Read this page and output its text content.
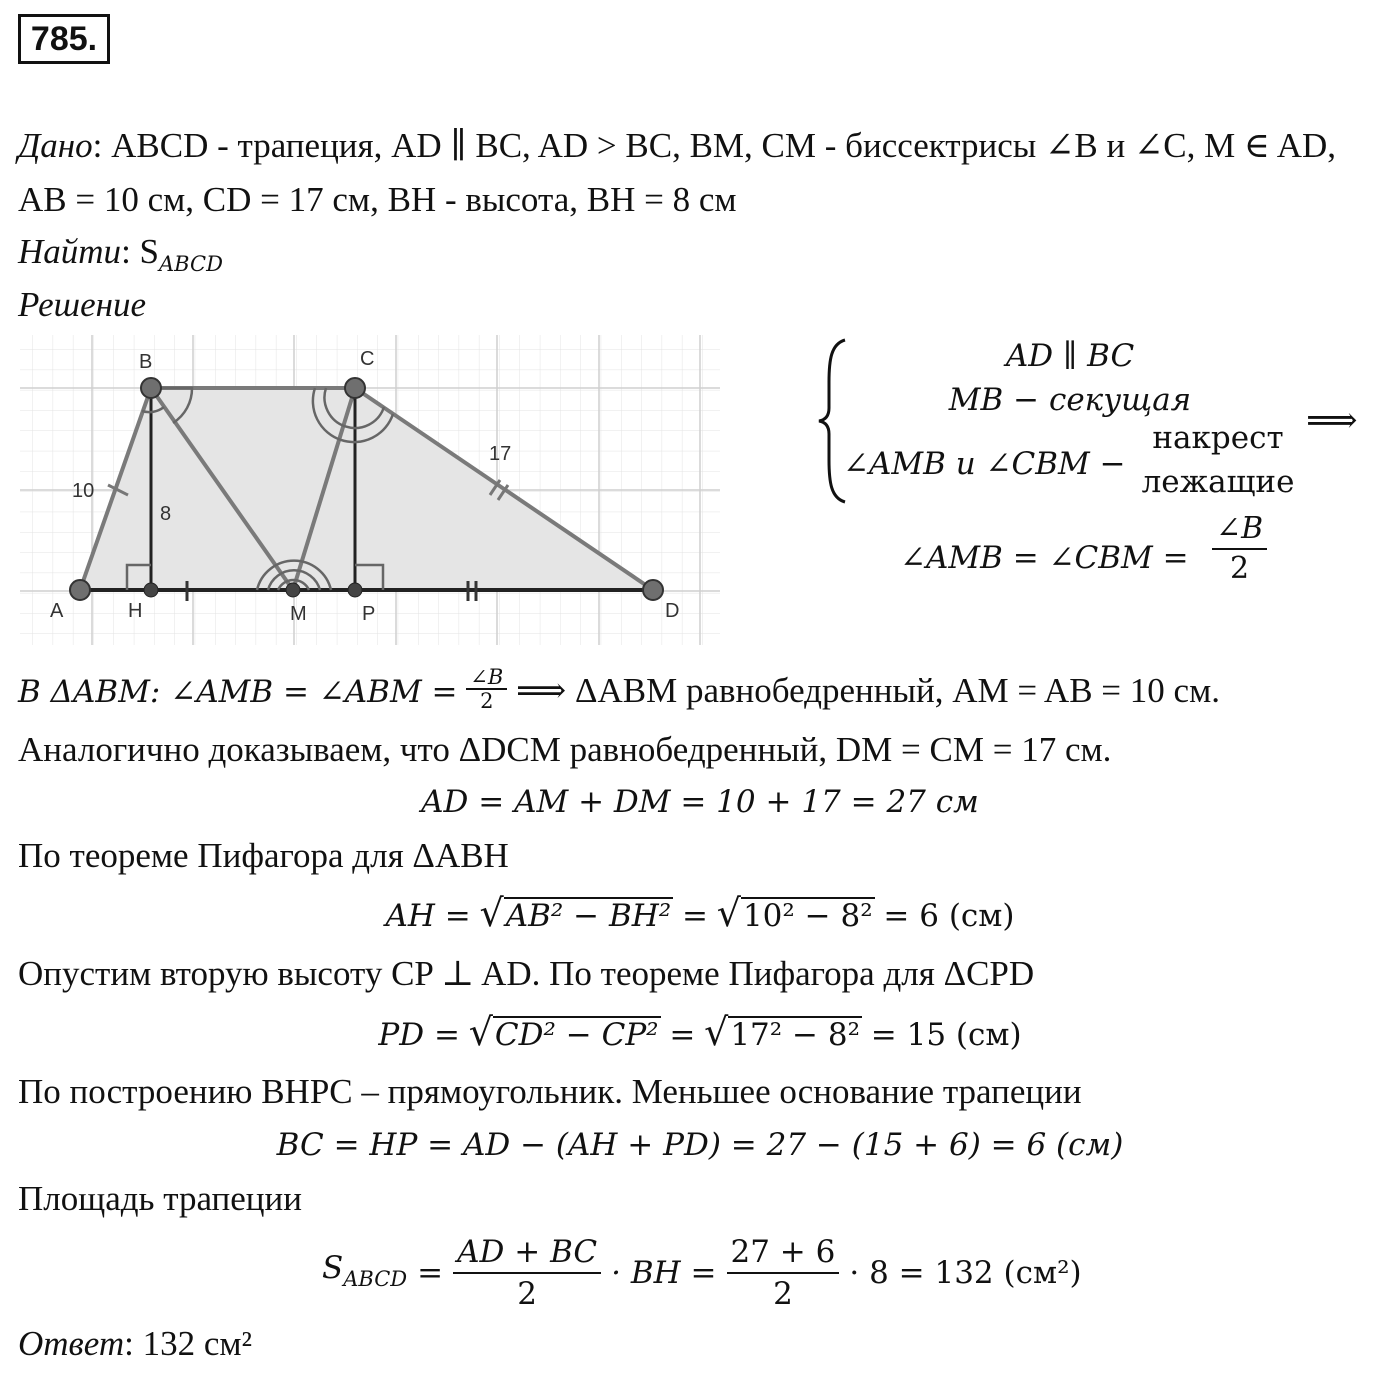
785.
Дано: ABCD - трапеция, AD ∥ BC, AD > BC, BM, CM - биссектрисы ∠B и ∠C, M ∈ AD,
AB = 10 см, CD = 17 см, BH - высота, BH = 8 см
Найти: $S_{ABCD}$
Решение
A
B	C
D
H	M	P
10
8
17
AD ∥ BC
MB − секущая
∠AMB и ∠CBM −
накрест
лежащие
⟹
∠AMB = ∠CBM = $\frac{\angle B}{2}$
В ΔABM: ∠AMB = ∠ABM = $\frac{\angle B}{2}$ ⟹ ΔABM равнобедренный, AM = AB = 10 см.
Аналогично доказываем, что ΔDCM равнобедренный, DM = CM = 17 см.
AD = AM + DM = 10 + 17 = 27 см
По теореме Пифагора для ΔABH
AH = √AB² − BH² = √10² − 8² = 6 (см)
Опустим вторую высоту CP ⊥ AD. По теореме Пифагора для ΔCPD
PD = √CD² − CP² = √17² − 8² = 15 (см)
По построению BHPC – прямоугольник. Меньшее основание трапеции
BC = HP = AD − (AH + PD) = 27 − (15 + 6) = 6 (см)
Площадь трапеции
$S_{ABCD} = \frac{AD + BC}{2}$ · BH = $\frac{27 + 6}{2} \cdot 8 = 132$ (см²)
Ответ: 132 см²
